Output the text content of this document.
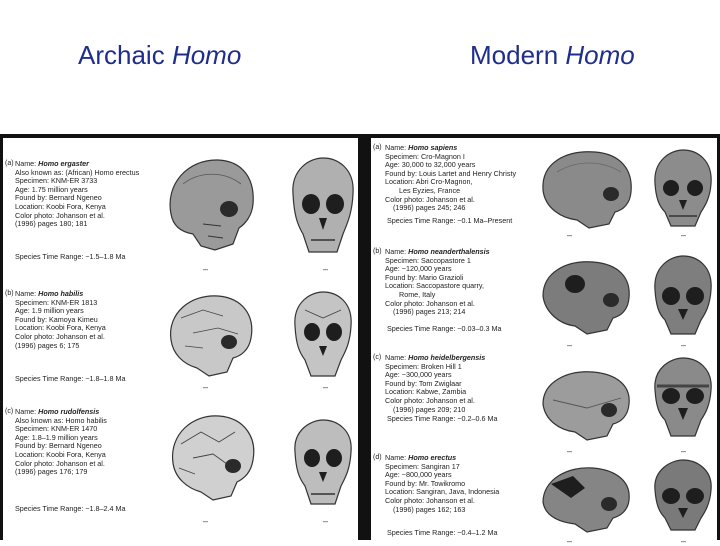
Archaic Homo	Modern Homo
(a) Name: Homo ergaster
Also known as: (African) Homo erectus
Specimen: KNM-ER 3733
Age: 1.75 million years
Found by: Bernard Ngeneo
Location: Koobi Fora, Kenya
Color photo: Johanson et al.
(1996) pages 180; 181
Species Time Range: ~1.5–1.8 Ma
–	–
(b) Name: Homo habilis
Specimen: KNM-ER 1813
Age: 1.9 million years
Found by: Kamoya Kimeu
Location: Koobi Fora, Kenya
Color photo: Johanson et al.
(1996) pages 6; 175
Species Time Range: ~1.8–1.8 Ma
–	–
(c) Name: Homo rudolfensis
Also known as: Homo habilis
Specimen: KNM-ER 1470
Age: 1.8–1.9 million years
Found by: Bernard Ngeneo
Location: Koobi Fora, Kenya
Color photo: Johanson et al.
(1996) pages 176; 179
Species Time Range: ~1.8–2.4 Ma
–	–
(a) Name: Homo sapiens
Specimen: Cro-Magnon I
Age: 30,000 to 32,000 years
Found by: Louis Lartet and Henry Christy
Location: Abri Cro-Magnon,
Les Eyzies, France
Color photo: Johanson et al.
(1996) pages 245; 246
Species Time Range: ~0.1 Ma–Present
–	–
(b) Name: Homo neanderthalensis
Specimen: Saccopastore 1
Age: ~120,000 years
Found by: Mario Grazioli
Location: Saccopastore quarry,
Rome, Italy
Color photo: Johanson et al.
(1996) pages 213; 214
Species Time Range: ~0.03–0.3 Ma
–	–
(c) Name: Homo heidelbergensis
Specimen: Broken Hill 1
Age: ~300,000 years
Found by: Tom Zwiglaar
Location: Kabwe, Zambia
Color photo: Johanson et al.
(1996) pages 209; 210
Species Time Range: ~0.2–0.6 Ma
–	–
(d) Name: Homo erectus
Specimen: Sangiran 17
Age: ~800,000 years
Found by: Mr. Towikromo
Location: Sangiran, Java, Indonesia
Color photo: Johanson et al.
(1996) pages 162; 163
Species Time Range: ~0.4–1.2 Ma
–	–
